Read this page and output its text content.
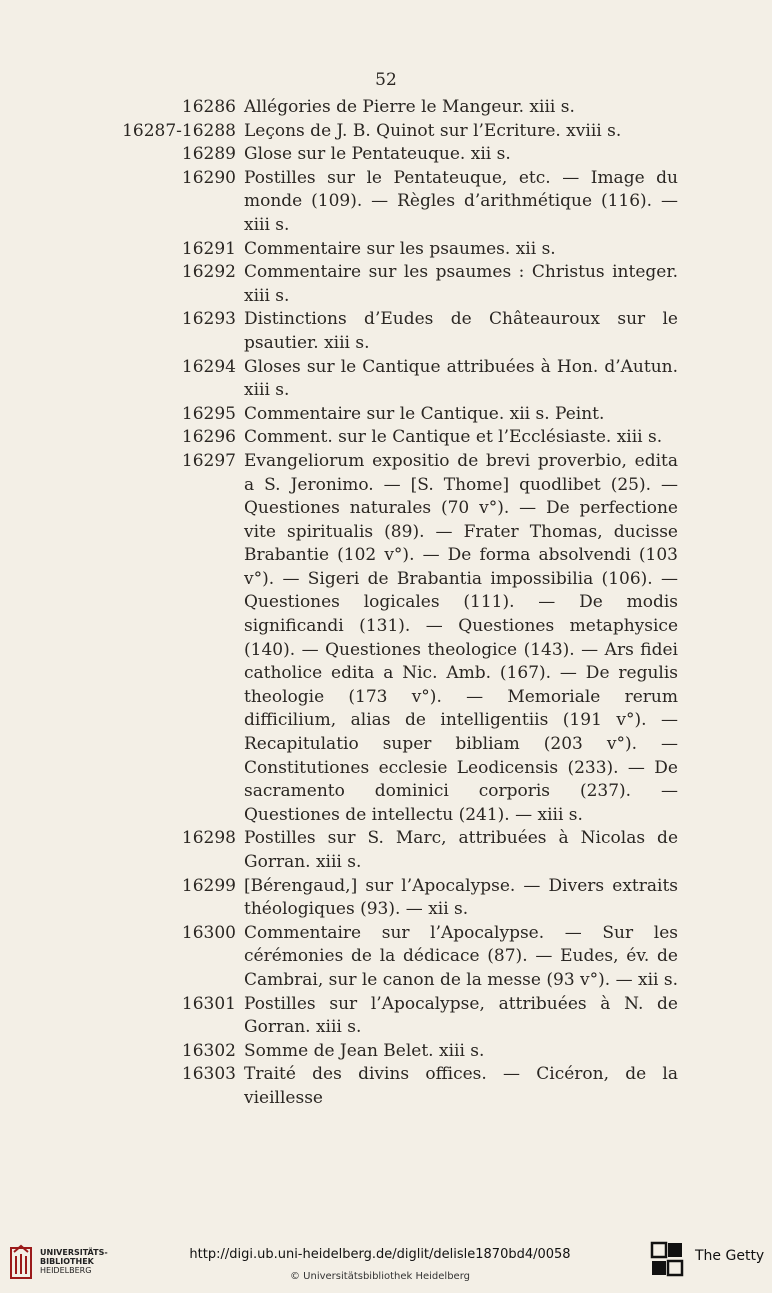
52
16286 Allégories de Pierre le Mangeur. xiii s.
16287-16288 Leçons de J. B. Quinot sur l’Ecriture. xviii s.
16289 Glose sur le Pentateuque. xii s.
16290 Postilles sur le Pentateuque, etc. — Image du monde (109). — Règles d’arithmétique (116). — xiii s.
16291 Commentaire sur les psaumes. xii s.
16292 Commentaire sur les psaumes : Christus integer. xiii s.
16293 Distinctions d’Eudes de Châteauroux sur le psautier. xiii s.
16294 Gloses sur le Cantique attribuées à Hon. d’Autun. xiii s.
16295 Commentaire sur le Cantique. xii s. Peint.
16296 Comment. sur le Cantique et l’Ecclésiaste. xiii s.
16297 Evangeliorum expositio de brevi proverbio, edita a S. Jeronimo. — [S. Thome] quodlibet (25). — Questiones naturales (70 v°). — De perfectione vite spiritualis (89). — Frater Thomas, ducisse Brabantie (102 v°). — De forma absolvendi (103 v°). — Sigeri de Brabantia impossibilia (106). — Questiones logicales (111). — De modis significandi (131). — Questiones metaphysice (140). — Questiones theologice (143). — Ars fidei catholice edita a Nic. Amb. (167). — De regulis theologie (173 v°). — Memoriale rerum difficilium, alias de intelligentiis (191 v°). — Recapitulatio super bibliam (203 v°). — Constitutiones ecclesie Leodicensis (233). — De sacramento dominici corporis (237). — Questiones de intellectu (241). — xiii s.
16298 Postilles sur S. Marc, attribuées à Nicolas de Gorran. xiii s.
16299 [Bérengaud,] sur l’Apocalypse. — Divers extraits théologiques (93). — xii s.
16300 Commentaire sur l’Apocalypse. — Sur les cérémonies de la dédicace (87). — Eudes, év. de Cambrai, sur le canon de la messe (93 v°). — xii s.
16301 Postilles sur l’Apocalypse, attribuées à N. de Gorran. xiii s.
16302 Somme de Jean Belet. xiii s.
16303 Traité des divins offices. — Cicéron, de la vieillesse
UNIVERSITÄTS-
BIBLIOTHEK
HEIDELBERG
http://digi.ub.uni-heidelberg.de/diglit/delisle1870bd4/0058
© Universitätsbibliothek Heidelberg
The Getty
